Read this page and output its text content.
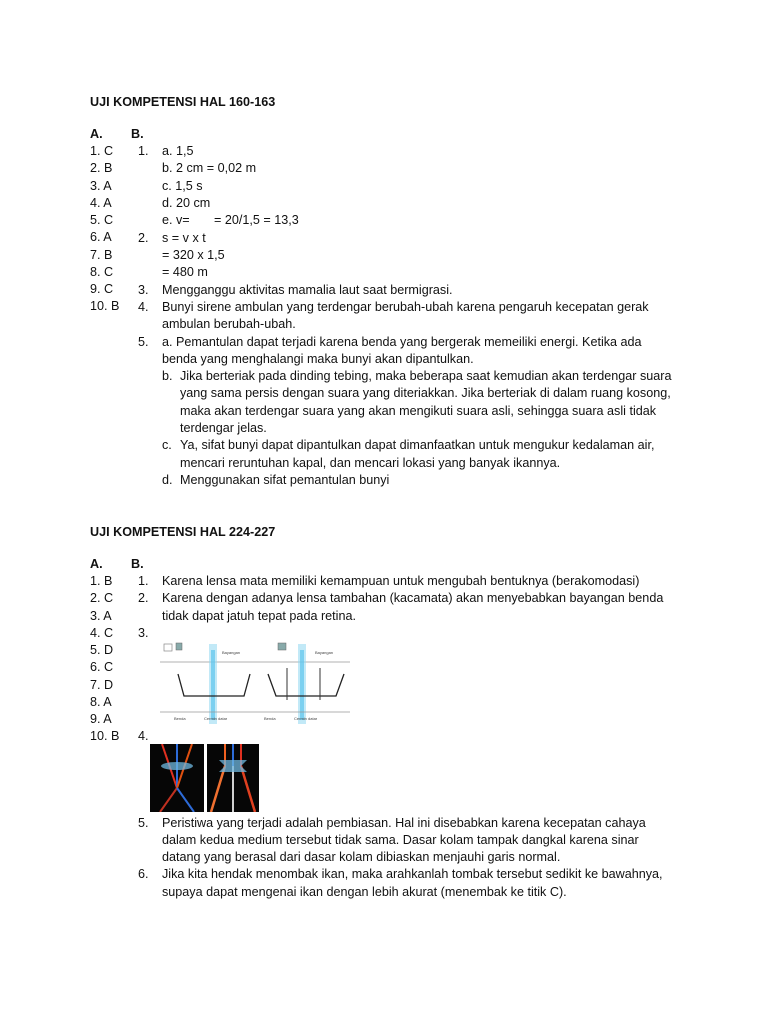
UJI KOMPETENSI HAL 160-163
A. B.
1. C
2. B
3. A
4. A
5. C
6. A
7. B
8. C
9. C
10. B
1. a. 1,5
b. 2 cm = 0,02 m
c. 1,5 s
d. 20 cm
e. v= = 20/1,5 = 13,3
2. s = v x t
= 320 x 1,5
= 480 m
3. Mengganggu aktivitas mamalia laut saat bermigrasi.
4. Bunyi sirene ambulan yang terdengar berubah-ubah karena pengaruh kecepatan gerak
ambulan berubah-ubah.
5. a. Pemantulan dapat terjadi karena benda yang bergerak memeiliki energi. Ketika ada
benda yang menghalangi maka bunyi akan dipantulkan.
b. Jika berteriak pada dinding tebing, maka beberapa saat kemudian akan terdengar suara
yang sama persis dengan suara yang diteriakkan. Jika berteriak di dalam ruang kosong,
maka akan terdengar suara yang akan mengikuti suara asli, sehingga suara asli tidak
terdengar jelas.
c. Ya, sifat bunyi dapat dipantulkan dapat dimanfaatkan untuk mengukur kedalaman air,
mencari reruntuhan kapal, dan mencari lokasi yang banyak ikannya.
d. Menggunakan sifat pemantulan bunyi
UJI KOMPETENSI HAL 224-227
A. B.
1. B
2. C
3. A
4. C
5. D
6. C
7. D
8. A
9. A
10. B
1. Karena lensa mata memiliki kemampuan untuk mengubah bentuknya (berakomodasi)
2. Karena dengan adanya lensa tambahan (kacamata) akan menyebabkan bayangan benda
tidak dapat jatuh tepat pada retina.
3.
Bayangan	Bayangan
Benda	Cermin datar	Benda	Cermin datar
4.
5. Peristiwa yang terjadi adalah pembiasan. Hal ini disebabkan karena kecepatan cahaya
dalam kedua medium tersebut tidak sama. Dasar kolam tampak dangkal karena sinar
datang yang berasal dari dasar kolam dibiaskan menjauhi garis normal.
6. Jika kita hendak menombak ikan, maka arahkanlah tombak tersebut sedikit ke bawahnya,
supaya dapat mengenai ikan dengan lebih akurat (menembak ke titik C).
